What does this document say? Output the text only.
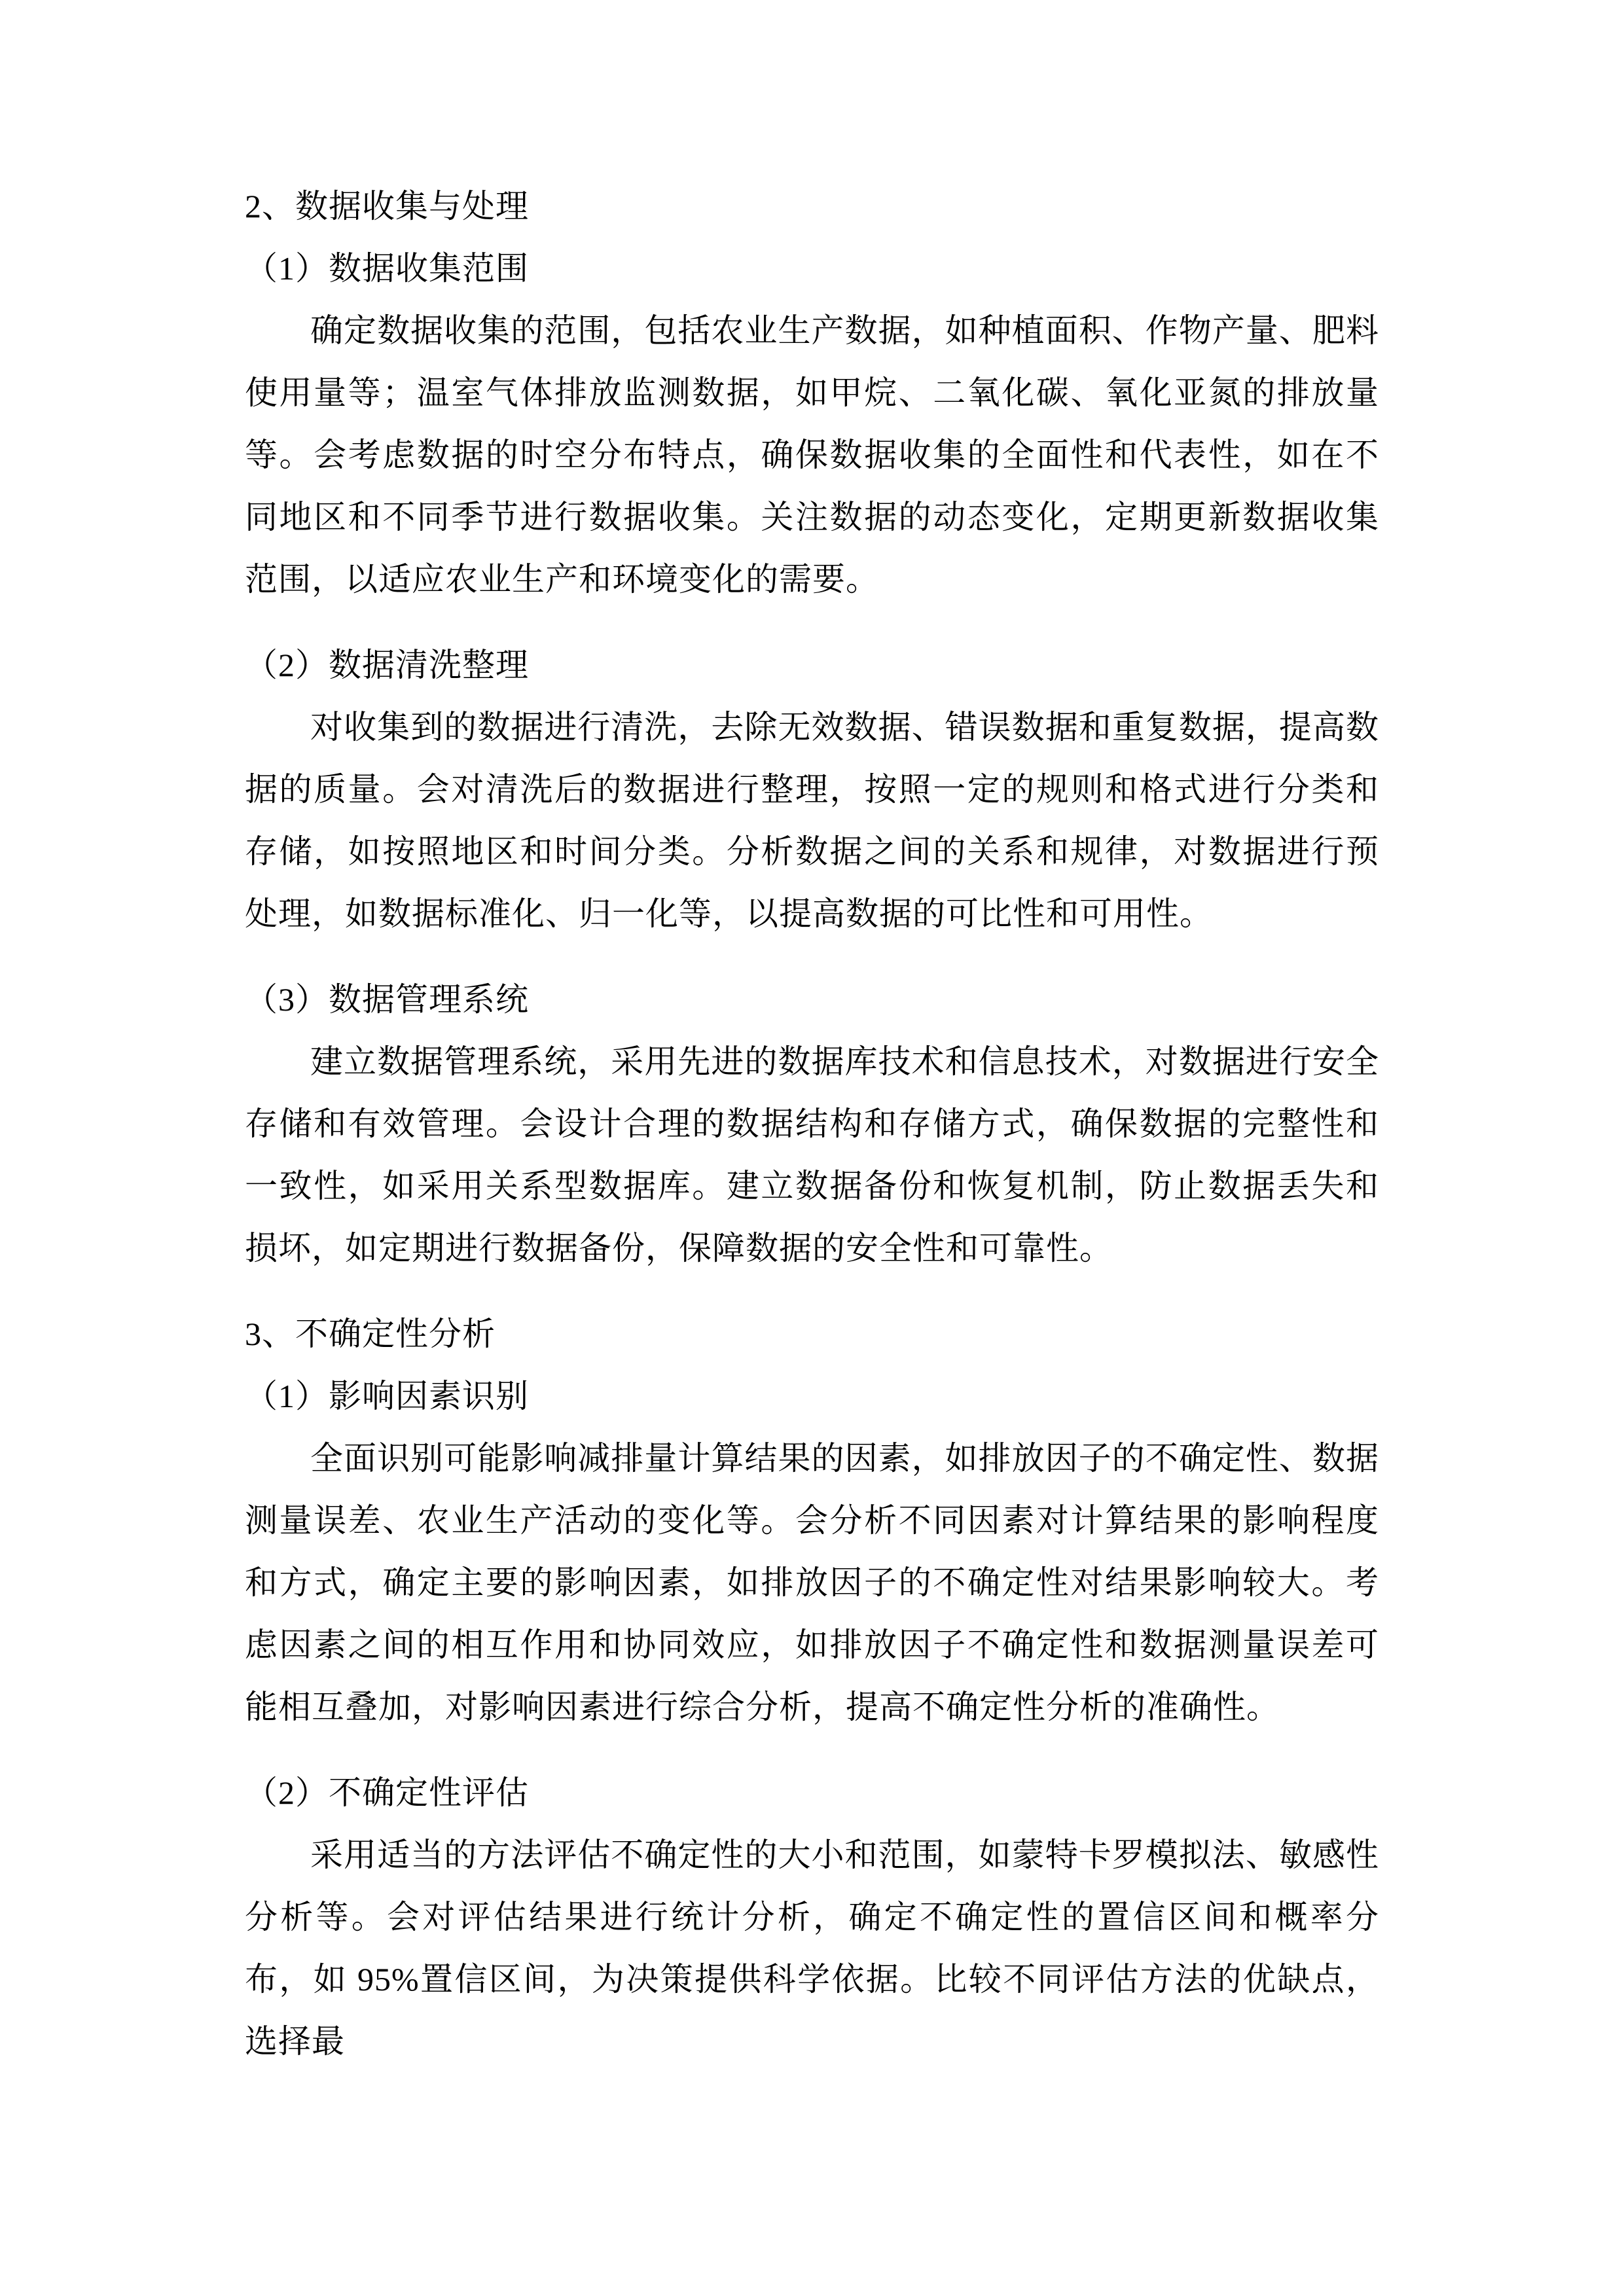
2、数据收集与处理
（1）数据收集范围

确定数据收集的范围，包括农业生产数据，如种植面积、作物产量、肥料使用量等；温室气体排放监测数据，如甲烷、二氧化碳、氧化亚氮的排放量等。会考虑数据的时空分布特点，确保数据收集的全面性和代表性，如在不同地区和不同季节进行数据收集。关注数据的动态变化，定期更新数据收集范围，以适应农业生产和环境变化的需要。

（2）数据清洗整理

对收集到的数据进行清洗，去除无效数据、错误数据和重复数据，提高数据的质量。会对清洗后的数据进行整理，按照一定的规则和格式进行分类和存储，如按照地区和时间分类。分析数据之间的关系和规律，对数据进行预处理，如数据标准化、归一化等，以提高数据的可比性和可用性。

（3）数据管理系统

建立数据管理系统，采用先进的数据库技术和信息技术，对数据进行安全存储和有效管理。会设计合理的数据结构和存储方式，确保数据的完整性和一致性，如采用关系型数据库。建立数据备份和恢复机制，防止数据丢失和损坏，如定期进行数据备份，保障数据的安全性和可靠性。

3、不确定性分析
（1）影响因素识别

全面识别可能影响减排量计算结果的因素，如排放因子的不确定性、数据测量误差、农业生产活动的变化等。会分析不同因素对计算结果的影响程度和方式，确定主要的影响因素，如排放因子的不确定性对结果影响较大。考虑因素之间的相互作用和协同效应，如排放因子不确定性和数据测量误差可能相互叠加，对影响因素进行综合分析，提高不确定性分析的准确性。

（2）不确定性评估

采用适当的方法评估不确定性的大小和范围，如蒙特卡罗模拟法、敏感性分析等。会对评估结果进行统计分析，确定不确定性的置信区间和概率分布，如 95%置信区间，为决策提供科学依据。比较不同评估方法的优缺点，选择最
